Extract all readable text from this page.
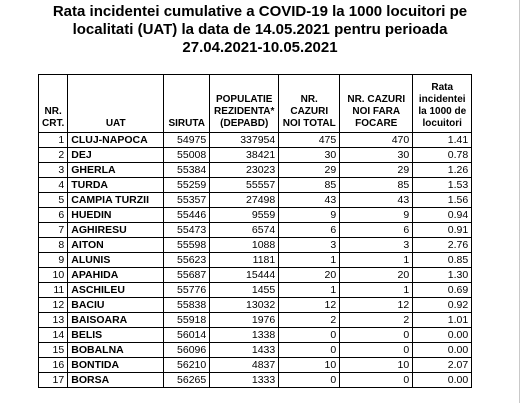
Rata incidentei cumulative a COVID-19 la 1000 locuitori pe
localitati (UAT) la data de 14.05.2021 pentru perioada
27.04.2021-10.05.2021
NR. CRT.	UAT	SIRUTA	POPULATIE REZIDENTA* (DEPABD)	NR. CAZURI NOI TOTAL	NR. CAZURI NOI FARA FOCARE	Rata incidentei la 1000 de locuitori
1	CLUJ-NAPOCA	54975	337954	475	470	1.41
2	DEJ	55008	38421	30	30	0.78
3	GHERLA	55384	23023	29	29	1.26
4	TURDA	55259	55557	85	85	1.53
5	CAMPIA TURZII	55357	27498	43	43	1.56
6	HUEDIN	55446	9559	9	9	0.94
7	AGHIRESU	55473	6574	6	6	0.91
8	AITON	55598	1088	3	3	2.76
9	ALUNIS	55623	1181	1	1	0.85
10	APAHIDA	55687	15444	20	20	1.30
11	ASCHILEU	55776	1455	1	1	0.69
12	BACIU	55838	13032	12	12	0.92
13	BAISOARA	55918	1976	2	2	1.01
14	BELIS	56014	1338	0	0	0.00
15	BOBALNA	56096	1433	0	0	0.00
16	BONTIDA	56210	4837	10	10	2.07
17	BORSA	56265	1333	0	0	0.00
